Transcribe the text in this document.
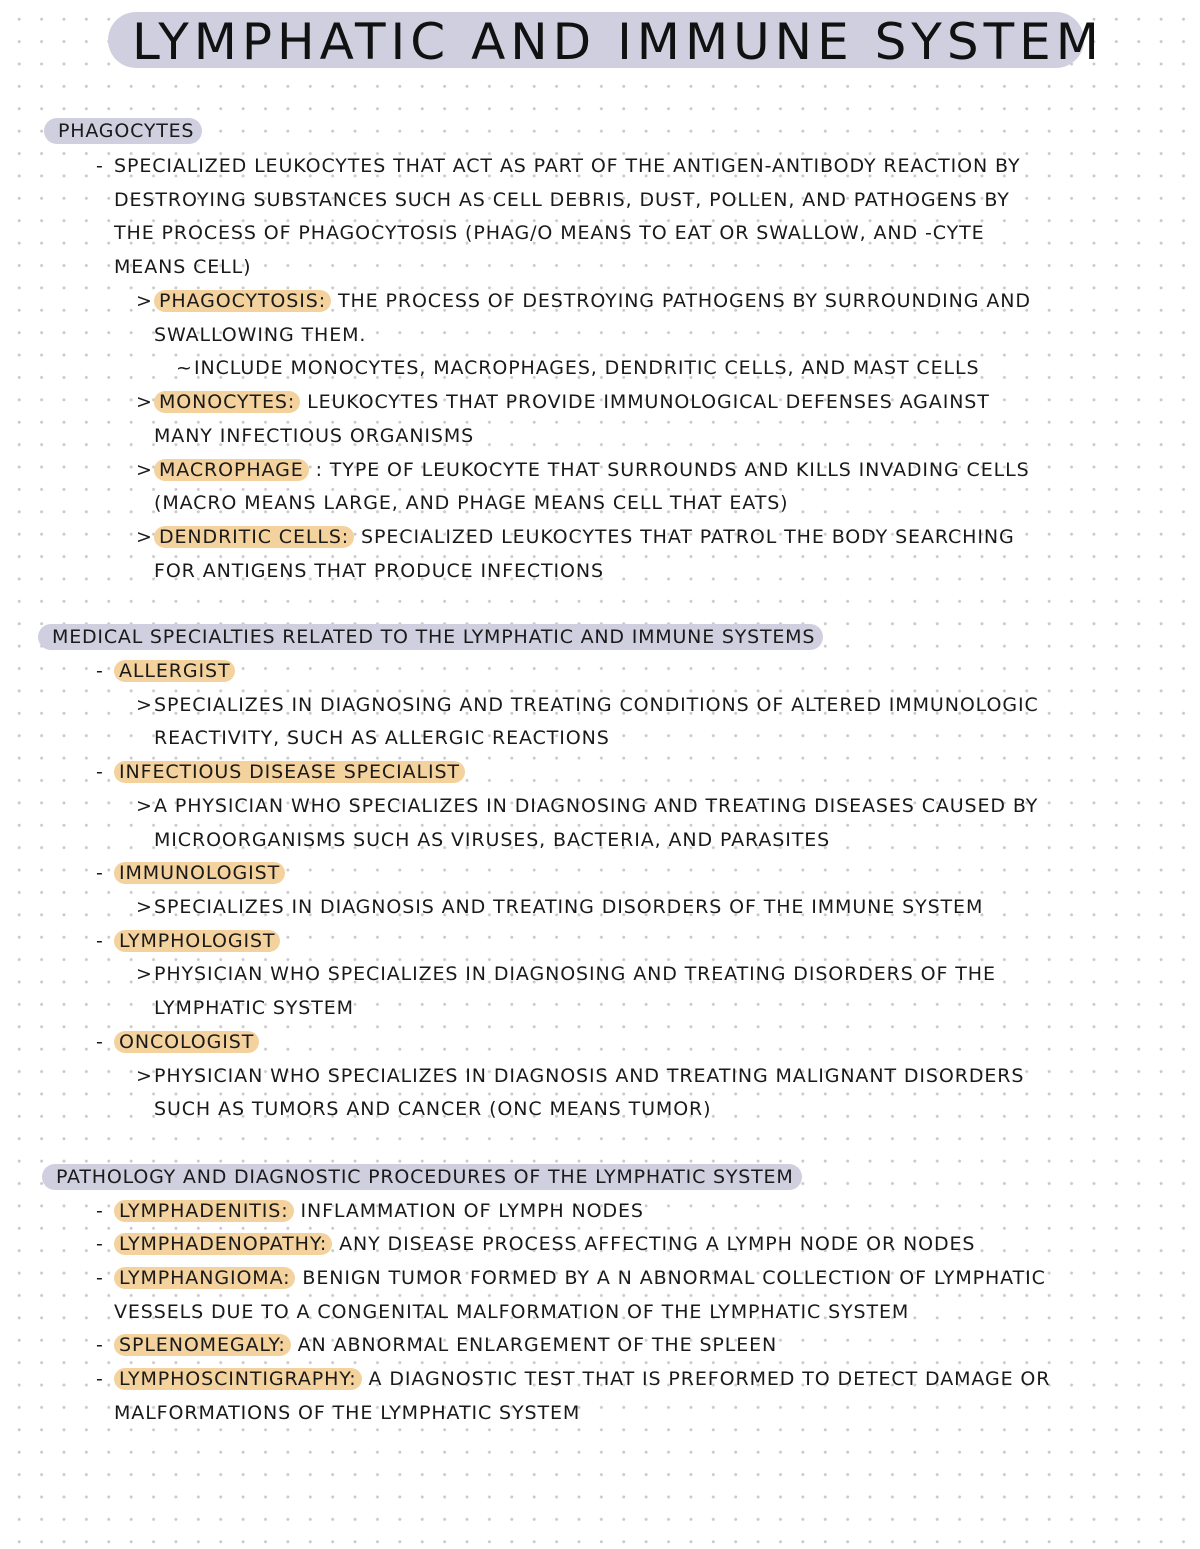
LYMPHATIC AND IMMUNE SYSTEM
PHAGOCYTES
- SPECIALIZED LEUKOCYTES THAT ACT AS PART OF THE ANTIGEN-ANTIBODY REACTION BY
DESTROYING SUBSTANCES SUCH AS CELL DEBRIS, DUST, POLLEN, AND PATHOGENS BY
THE PROCESS OF PHAGOCYTOSIS (PHAG/O MEANS TO EAT OR SWALLOW, AND -CYTE
MEANS CELL)
> PHAGOCYTOSIS: THE PROCESS OF DESTROYING PATHOGENS BY SURROUNDING AND
SWALLOWING THEM.
~INCLUDE MONOCYTES, MACROPHAGES, DENDRITIC CELLS, AND MAST CELLS
> MONOCYTES: LEUKOCYTES THAT PROVIDE IMMUNOLOGICAL DEFENSES AGAINST
MANY INFECTIOUS ORGANISMS
> MACROPHAGE : TYPE OF LEUKOCYTE THAT SURROUNDS AND KILLS INVADING CELLS
(MACRO MEANS LARGE, AND PHAGE MEANS CELL THAT EATS)
> DENDRITIC CELLS: SPECIALIZED LEUKOCYTES THAT PATROL THE BODY SEARCHING
FOR ANTIGENS THAT PRODUCE INFECTIONS
MEDICAL SPECIALTIES RELATED TO THE LYMPHATIC AND IMMUNE SYSTEMS
- ALLERGIST
>SPECIALIZES IN DIAGNOSING AND TREATING CONDITIONS OF ALTERED IMMUNOLOGIC
REACTIVITY, SUCH AS ALLERGIC REACTIONS
- INFECTIOUS DISEASE SPECIALIST
>A PHYSICIAN WHO SPECIALIZES IN DIAGNOSING AND TREATING DISEASES CAUSED BY
MICROORGANISMS SUCH AS VIRUSES, BACTERIA, AND PARASITES
- IMMUNOLOGIST
>SPECIALIZES IN DIAGNOSIS AND TREATING DISORDERS OF THE IMMUNE SYSTEM
- LYMPHOLOGIST
>PHYSICIAN WHO SPECIALIZES IN DIAGNOSING AND TREATING DISORDERS OF THE
LYMPHATIC SYSTEM
- ONCOLOGIST
>PHYSICIAN WHO SPECIALIZES IN DIAGNOSIS AND TREATING MALIGNANT DISORDERS
SUCH AS TUMORS AND CANCER (ONC MEANS TUMOR)
PATHOLOGY AND DIAGNOSTIC PROCEDURES OF THE LYMPHATIC SYSTEM
- LYMPHADENITIS: INFLAMMATION OF LYMPH NODES
- LYMPHADENOPATHY: ANY DISEASE PROCESS AFFECTING A LYMPH NODE OR NODES
- LYMPHANGIOMA: BENIGN TUMOR FORMED BY A N ABNORMAL COLLECTION OF LYMPHATIC
VESSELS DUE TO A CONGENITAL MALFORMATION OF THE LYMPHATIC SYSTEM
- SPLENOMEGALY: AN ABNORMAL ENLARGEMENT OF THE SPLEEN
- LYMPHOSCINTIGRAPHY: A DIAGNOSTIC TEST THAT IS PREFORMED TO DETECT DAMAGE OR
MALFORMATIONS OF THE LYMPHATIC SYSTEM
